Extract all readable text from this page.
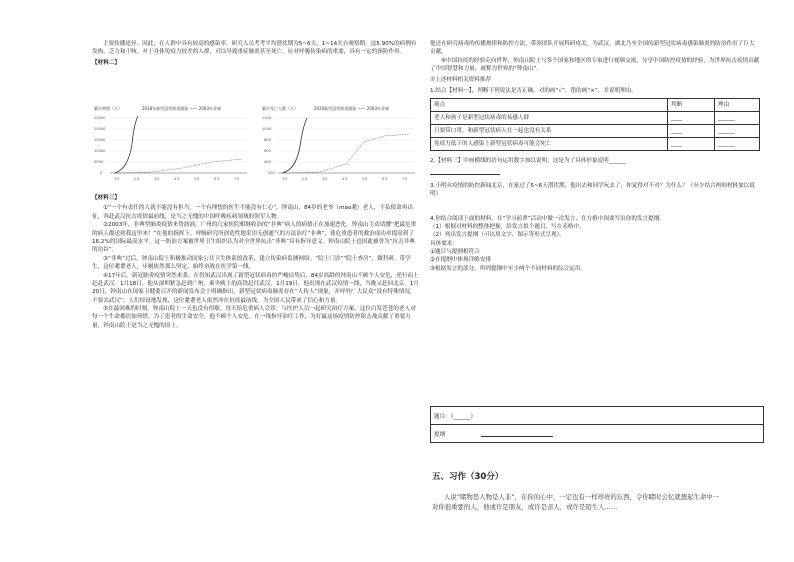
主要传播途径。因此，在人群中具有较高的感染率。研究人员考考平均潜伏期为5~6天，1~14天自观察期。这5.90%的病例有发热、乏力和干咳。对于身体免疫力较差的人群，可以导致重症肺炎甚至死亡。应对呼吸传染病的重要，具有一定的预防作用。

【材料二】

累计病例（人）	2018年新型冠状病毒感染 —— 2003年非典
25000
20000
15000
10000
5000
0
1月	2月	3月	4月	5月	6月	7月
累计死亡人数（人）	2020新型冠状病毒感染 —— 2003年非典
1200
1000
800
600
400
200
1月	2月	3月	4月	5月	6月	7月

【材料三】

①“一个有责任的人就不能没有担当，一个有理想的医生不能没有仁心”。钟南山，84岁的老爷（mào耄）老人，不负使命再出征，奔赴武汉抗击疫情最前线，是当之无愧的中国呼吸疾病领域的领军人物。

②2003年，非典型肺炎疫情来势汹汹，广州的几家医院相继收治的“非典”病人的病情正在加速恶化。钟南山主动请缨“把最危重的病人都送到我这里来！”在他的指挥下，呼吸研究所创造性地采用无创通气的方法治疗“非典”，使危重患者的救治成功率提高到了16.2%的国际最高水平。这一防治方案被世界卫生组织认为对全世界抗击“非典”具有指导意义。钟南山院士也因此被誉为“抗击非典的功臣”。

③“非典”过后，钟南山院士积极推动国家公共卫生体系的改革，建立传染病监测网络。“院士门诊”“院士查房”，做科研、带学生，这位耄耋老人，步履依然那么坚定，始终奋战在医学第一线。

④17年后，新冠肺炎疫情突然来袭。在得知武汉出现了新型冠状病毒的严峻局势后，84岁高龄的钟南山不顾个人安危，逆行而上赶赴武汉。1月18日，他从深圳紧急赶到广州，乘坐晚上的高铁赶往武汉，1月19日，他出现在武汉疫情一线，当晚又赶回北京，1月20日，钟南山在国家卫健委召开的新闻发布会上明确指出，新型冠状病毒肺炎存在“人传人”现象，并呼吁广大民众“没有特殊情况，不要去武汉”。人们惊讶地发现，这位耄耋老人依然冲在抗疫最前线，为全国人民带来了信心和力量。

⑤在最困难的时刻，钟南山院士一天也没有停歇。每天给危重病人会诊，与医护人员一起研究治疗方案，这位白发苍苍的老人对每一个生命都倍加珍惜，为了患者的生命安全，他不顾个人安危。在一线指导治疗工作，为打赢这场疫情防控阻击战贡献了重要力量，钟南山院士是当之无愧的国士。

他还在研究病毒的传播规律和防控方法，带领团队开展科研攻关，为武汉、湖北乃至全国的新型冠状病毒感染肺炎的防治作出了巨大贡献。

⑥中国抗疫的经验走向世界，钟南山院士与多个国家和地区的专家进行视频交流，分享中国防控疫情的经验，为世界抗击疫情贡献了中国智慧和力量，被称为世界的“钟南山”。

⑦上述材料相关资料推荐

1.结合【材料一】，判断下列说法是否正确。对的画“√”，错的画“×”，并说明理由。

观点	判断	理由
老人和孩子是新型冠状病毒的易感人群	____	______
只要带口罩，和新型冠状病人在一起也没有关系	____	______
免疫力低下的人感染上新型冠状病毒可能会死亡	____	______

2.【材料三】中画横线的语句运用数字加以说明，这是为了具体形象说明______

3.小明从疫情的防控新闻北京，在家过了5~6天潜伏期，他出去和同学玩去了，你觉得对不对？为什么？（至少结合两则材料加以说明）

4.你结合阅读上面的材料，在“学习前辈”活动中做一次发言，在方格中围要写出你的发言提纲。

（1）根据对材料的整体把握，给发言拟个题目，写在表格中。

（2）列出发言提纲（可以用文字、图示等形式呈现）。

具体要求：

①题目与提纲相符合

②在提纲中体现详略安排

③根据发言的部分，所列提纲中至少两个不同材料的综合运用。

题目：《______》
提纲
五、习作（30分）
人说“睹物思人物是人非”，在你的心中，一定也有一样珍贵的东西，令你睹时会忆就想起生命中一
对你很重要的人，他或许是朋友，或许是亲人，或许是陌生人……
